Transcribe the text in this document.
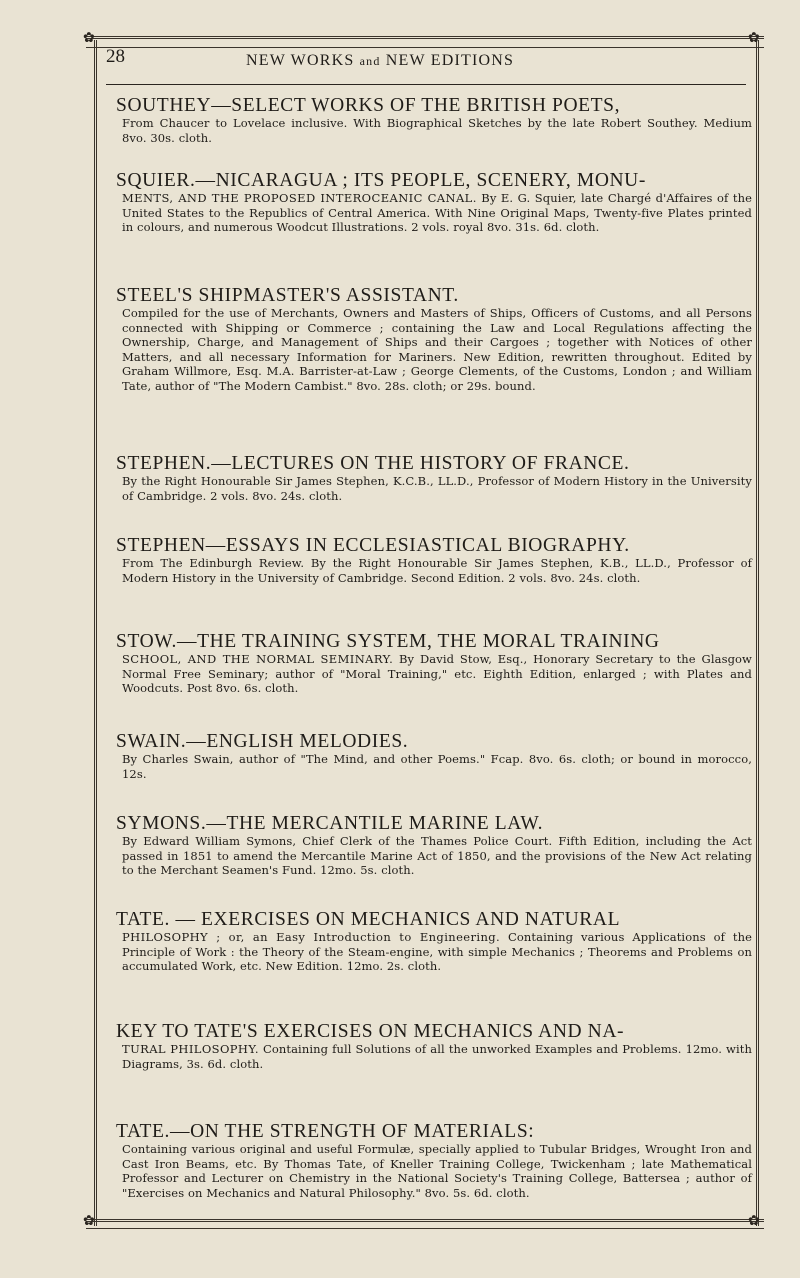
✿	✿
✿	✿
28	NEW WORKS and NEW EDITIONS

SOUTHEY—SELECT WORKS OF THE BRITISH POETS,

From Chaucer to Lovelace inclusive. With Biographical Sketches by the late Robert Southey. Medium 8vo. 30s. cloth.

SQUIER.—NICARAGUA ; ITS PEOPLE, SCENERY, MONU-

MENTS, AND THE PROPOSED INTEROCEANIC CANAL. By E. G. Squier, late Chargé d'Affaires of the United States to the Republics of Central America. With Nine Original Maps, Twenty-five Plates printed in colours, and numerous Woodcut Illustrations. 2 vols. royal 8vo. 31s. 6d. cloth.

STEEL'S SHIPMASTER'S ASSISTANT.

Compiled for the use of Merchants, Owners and Masters of Ships, Officers of Customs, and all Persons connected with Shipping or Commerce ; containing the Law and Local Regulations affecting the Ownership, Charge, and Management of Ships and their Cargoes ; together with Notices of other Matters, and all necessary Information for Mariners. New Edition, rewritten throughout. Edited by Graham Willmore, Esq. M.A. Barrister-at-Law ; George Clements, of the Customs, London ; and William Tate, author of "The Modern Cambist." 8vo. 28s. cloth; or 29s. bound.

STEPHEN.—LECTURES ON THE HISTORY OF FRANCE.

By the Right Honourable Sir James Stephen, K.C.B., LL.D., Professor of Modern History in the University of Cambridge. 2 vols. 8vo. 24s. cloth.

STEPHEN—ESSAYS IN ECCLESIASTICAL BIOGRAPHY.

From The Edinburgh Review. By the Right Honourable Sir James Stephen, K.B., LL.D., Professor of Modern History in the University of Cambridge. Second Edition. 2 vols. 8vo. 24s. cloth.

STOW.—THE TRAINING SYSTEM, THE MORAL TRAINING

SCHOOL, AND THE NORMAL SEMINARY. By David Stow, Esq., Honorary Secretary to the Glasgow Normal Free Seminary; author of "Moral Training," etc. Eighth Edition, enlarged ; with Plates and Woodcuts. Post 8vo. 6s. cloth.

SWAIN.—ENGLISH MELODIES.

By Charles Swain, author of "The Mind, and other Poems." Fcap. 8vo. 6s. cloth; or bound in morocco, 12s.

SYMONS.—THE MERCANTILE MARINE LAW.

By Edward William Symons, Chief Clerk of the Thames Police Court. Fifth Edition, including the Act passed in 1851 to amend the Mercantile Marine Act of 1850, and the provisions of the New Act relating to the Merchant Seamen's Fund. 12mo. 5s. cloth.

TATE. — EXERCISES ON MECHANICS AND NATURAL

PHILOSOPHY ; or, an Easy Introduction to Engineering. Containing various Applications of the Principle of Work : the Theory of the Steam-engine, with simple Mechanics ; Theorems and Problems on accumulated Work, etc. New Edition. 12mo. 2s. cloth.

KEY TO TATE'S EXERCISES ON MECHANICS AND NA-

TURAL PHILOSOPHY. Containing full Solutions of all the unworked Examples and Problems. 12mo. with Diagrams, 3s. 6d. cloth.

TATE.—ON THE STRENGTH OF MATERIALS:

Containing various original and useful Formulæ, specially applied to Tubular Bridges, Wrought Iron and Cast Iron Beams, etc. By Thomas Tate, of Kneller Training College, Twickenham ; late Mathematical Professor and Lecturer on Chemistry in the National Society's Training College, Battersea ; author of "Exercises on Mechanics and Natural Philosophy." 8vo. 5s. 6d. cloth.
